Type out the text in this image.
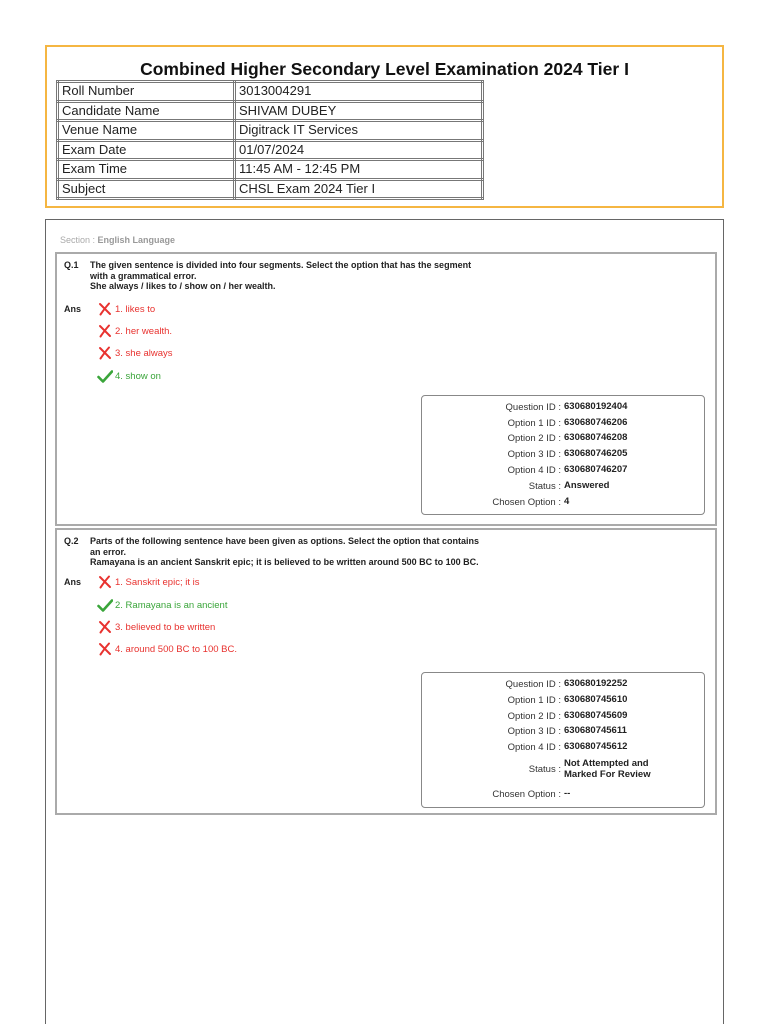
Combined Higher Secondary Level Examination 2024 Tier I
Roll Number	3013004291
Candidate Name	SHIVAM DUBEY
Venue Name	Digitrack IT Services
Exam Date	01/07/2024
Exam Time	11:45 AM - 12:45 PM
Subject	CHSL Exam 2024 Tier I
Section : English Language
Q.1 The given sentence is divided into four segments. Select the option that has the segment
with a grammatical error.
She always / likes to / show on / her wealth.
Ans	1. likes to
2. her wealth.
3. she always
4. show on
Question ID : 630680192404
Option 1 ID : 630680746206
Option 2 ID : 630680746208
Option 3 ID : 630680746205
Option 4 ID : 630680746207
Status : Answered
Chosen Option : 4
Q.2 Parts of the following sentence have been given as options. Select the option that contains
an error.
Ramayana is an ancient Sanskrit epic; it is believed to be written around 500 BC to 100 BC.
Ans	1. Sanskrit epic; it is
2. Ramayana is an ancient
3. believed to be written
4. around 500 BC to 100 BC.
Question ID : 630680192252
Option 1 ID : 630680745610
Option 2 ID : 630680745609
Option 3 ID : 630680745611
Option 4 ID : 630680745612
Status :
Not Attempted and
Marked For Review
Chosen Option : --
